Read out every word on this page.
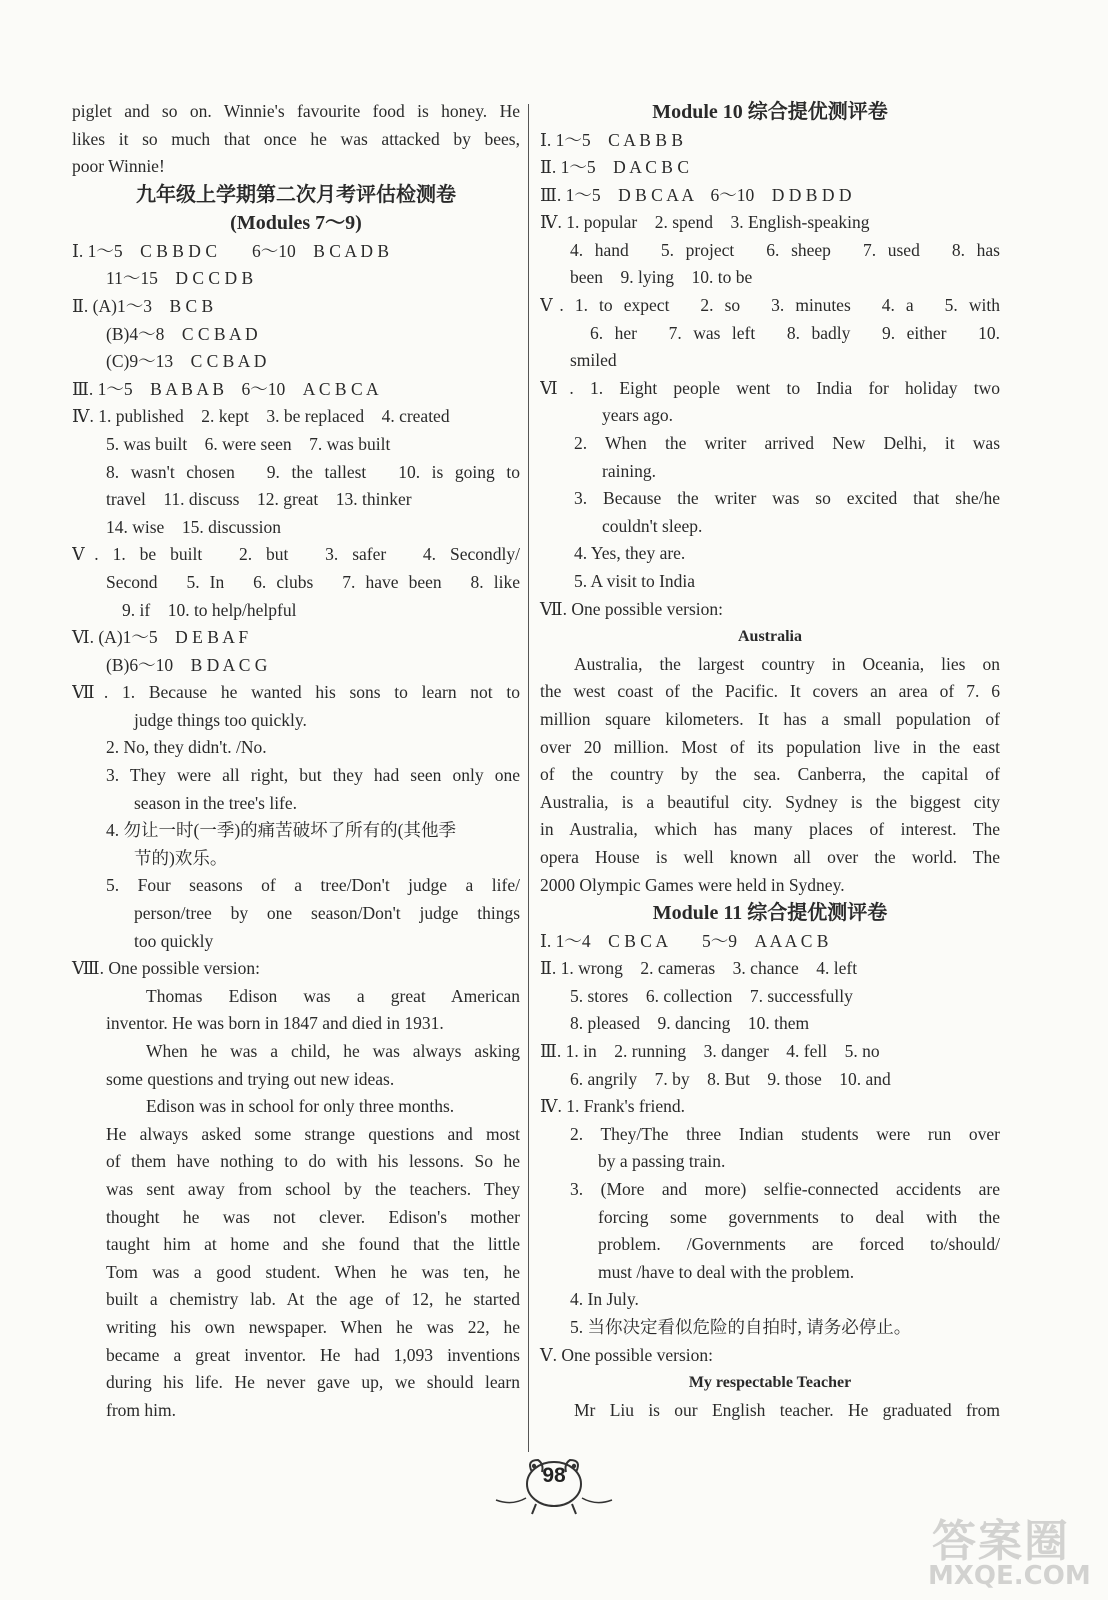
piglet and so on. Winnie's favourite food is honey. He
likes it so much that once he was attacked by bees,
poor Winnie!
九年级上学期第二次月考评估检测卷
(Modules 7～9)
Ⅰ. 1～5　C B B D C　　6～10　B C A D B
11～15　D C C D B
Ⅱ. (A)1～3　B C B
(B)4～8　C C B A D
(C)9～13　C C B A D
Ⅲ. 1～5　B A B A B　6～10　A C B C A
Ⅳ. 1. published　2. kept　3. be replaced　4. created
5. was built　6. were seen　7. was built
8. wasn't chosen　9. the tallest　10. is going to
travel　11. discuss　12. great　13. thinker
14. wise　15. discussion
Ⅴ. 1. be built　2. but　3. safer　4. Secondly/
Second　5. In　6. clubs　7. have been　8. like
9. if　10. to help/helpful
Ⅵ. (A)1～5　D E B A F
(B)6～10　B D A C G
Ⅶ. 1. Because he wanted his sons to learn not to
judge things too quickly.
2. No, they didn't. /No.
3. They were all right, but they had seen only one
season in the tree's life.
4. 勿让一时(一季)的痛苦破坏了所有的(其他季
节的)欢乐。
5. Four seasons of a tree/Don't judge a life/
person/tree by one season/Don't judge things
too quickly
Ⅷ. One possible version:
Thomas Edison was a great American
inventor. He was born in 1847 and died in 1931.
When he was a child, he was always asking
some questions and trying out new ideas.
Edison was in school for only three months.
He always asked some strange questions and most
of them have nothing to do with his lessons. So he
was sent away from school by the teachers. They
thought he was not clever. Edison's mother
taught him at home and she found that the little
Tom was a good student. When he was ten, he
built a chemistry lab. At the age of 12, he started
writing his own newspaper. When he was 22, he
became a great inventor. He had 1,093 inventions
during his life. He never gave up, we should learn
from him.
Module 10 综合提优测评卷
Ⅰ. 1～5　C A B B B
Ⅱ. 1～5　D A C B C
Ⅲ. 1～5　D B C A A　6～10　D D B D D
Ⅳ. 1. popular　2. spend　3. English-speaking
4. hand　5. project　6. sheep　7. used　8. has
been　9. lying　10. to be
Ⅴ. 1. to expect　2. so　3. minutes　4. a　5. with
6. her　7. was left　8. badly　9. either　10.
smiled
Ⅵ. 1. Eight people went to India for holiday two
years ago.
2. When the writer arrived New Delhi, it was
raining.
3. Because the writer was so excited that she/he
couldn't sleep.
4. Yes, they are.
5. A visit to India
Ⅶ. One possible version:
Australia
Australia, the largest country in Oceania, lies on
the west coast of the Pacific. It covers an area of 7. 6
million square kilometers. It has a small population of
over 20 million. Most of its population live in the east
of the country by the sea. Canberra, the capital of
Australia, is a beautiful city. Sydney is the biggest city
in Australia, which has many places of interest. The
opera House is well known all over the world. The
2000 Olympic Games were held in Sydney.
Module 11 综合提优测评卷
Ⅰ. 1～4　C B C A　　5～9　A A A C B
Ⅱ. 1. wrong　2. cameras　3. chance　4. left
5. stores　6. collection　7. successfully
8. pleased　9. dancing　10. them
Ⅲ. 1. in　2. running　3. danger　4. fell　5. no
6. angrily　7. by　8. But　9. those　10. and
Ⅳ. 1. Frank's friend.
2. They/The three Indian students were run over
by a passing train.
3. (More and more) selfie-connected accidents are
forcing some governments to deal with the
problem. /Governments are forced to/should/
must /have to deal with the problem.
4. In July.
5. 当你决定看似危险的自拍时, 请务必停止。
Ⅴ. One possible version:
My respectable Teacher
Mr Liu is our English teacher. He graduated from
98
答案圈
MXQE.COM
